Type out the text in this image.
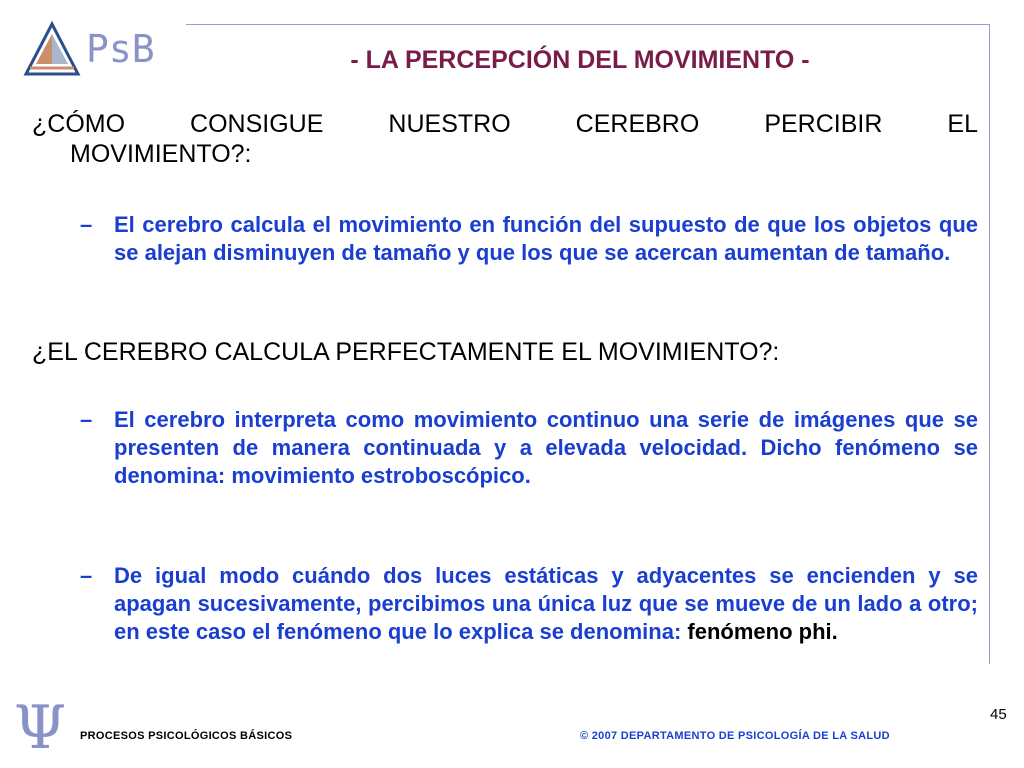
PsB	- LA PERCEPCIÓN DEL MOVIMIENTO -

¿CÓMO CONSIGUE NUESTRO CEREBRO PERCIBIR EL

MOVIMIENTO?:

– El cerebro calcula el movimiento en función del supuesto de que los objetos que se alejan disminuyen de tamaño y que los que se acercan aumentan de tamaño.

¿EL CEREBRO CALCULA PERFECTAMENTE EL MOVIMIENTO?:

– El cerebro interpreta como movimiento continuo una serie de imágenes que se presenten de manera continuada y a elevada velocidad. Dicho fenómeno se denomina: movimiento estroboscópico.
– De igual modo cuándo dos luces estáticas y adyacentes se encienden y se apagan sucesivamente, percibimos una única luz que se mueve de un lado a otro; en este caso el fenómeno que lo explica se denomina: fenómeno phi.
Ψ PROCESOS PSICOLÓGICOS BÁSICOS	© 2007 DEPARTAMENTO DE PSICOLOGÍA DE LA SALUD
45
